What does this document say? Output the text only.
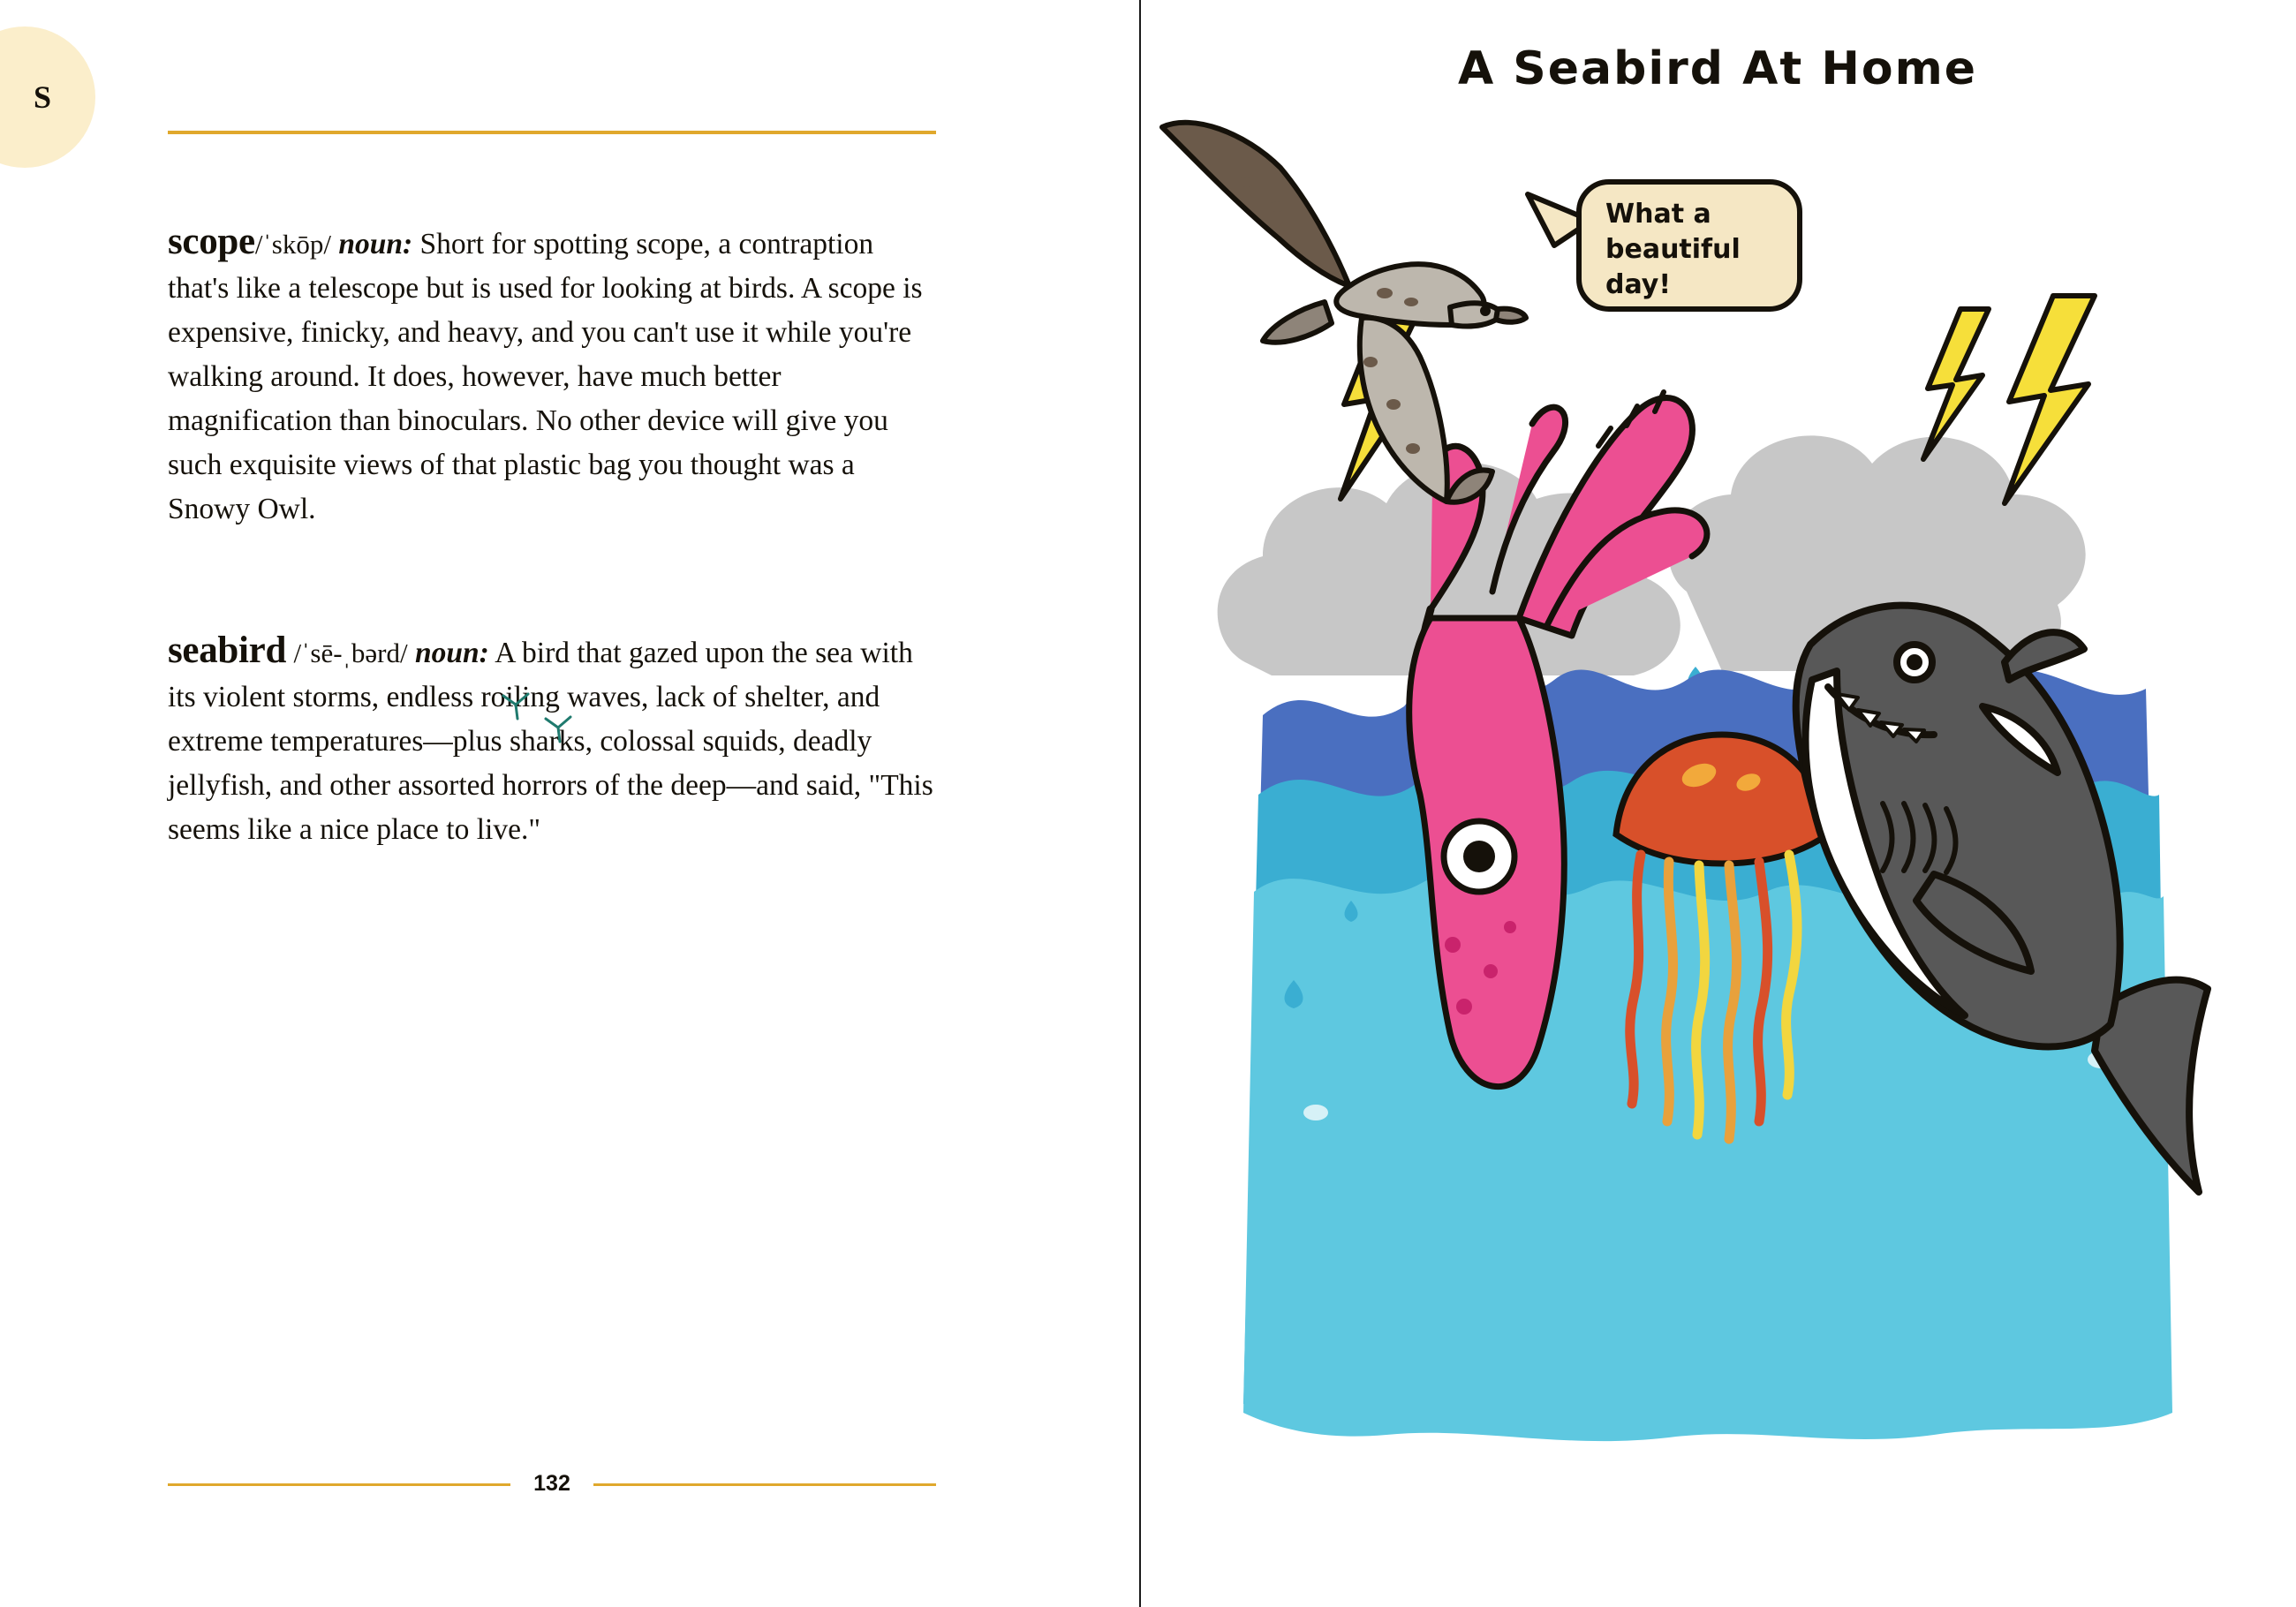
S

scope/ˈskōp/ noun: Short for spotting scope, a contraption that's like a telescope but is used for looking at birds. A scope is expensive, finicky, and heavy, and you can't use it while you're walking around. It does, however, have much better magnification than binoculars. No other device will give you such exquisite views of that plastic bag you thought was a Snowy Owl.

seabird /ˈsē-ˌbərd/ noun: A bird that gazed upon the sea with its violent storms, endless roiling waves, lack of shelter, and extreme temperatures—plus sharks, colossal squids, deadly jellyfish, and other assorted horrors of the deep—and said, "This seems like a nice place to live."

132
A Seabird At Home
What a
beautiful
day!
